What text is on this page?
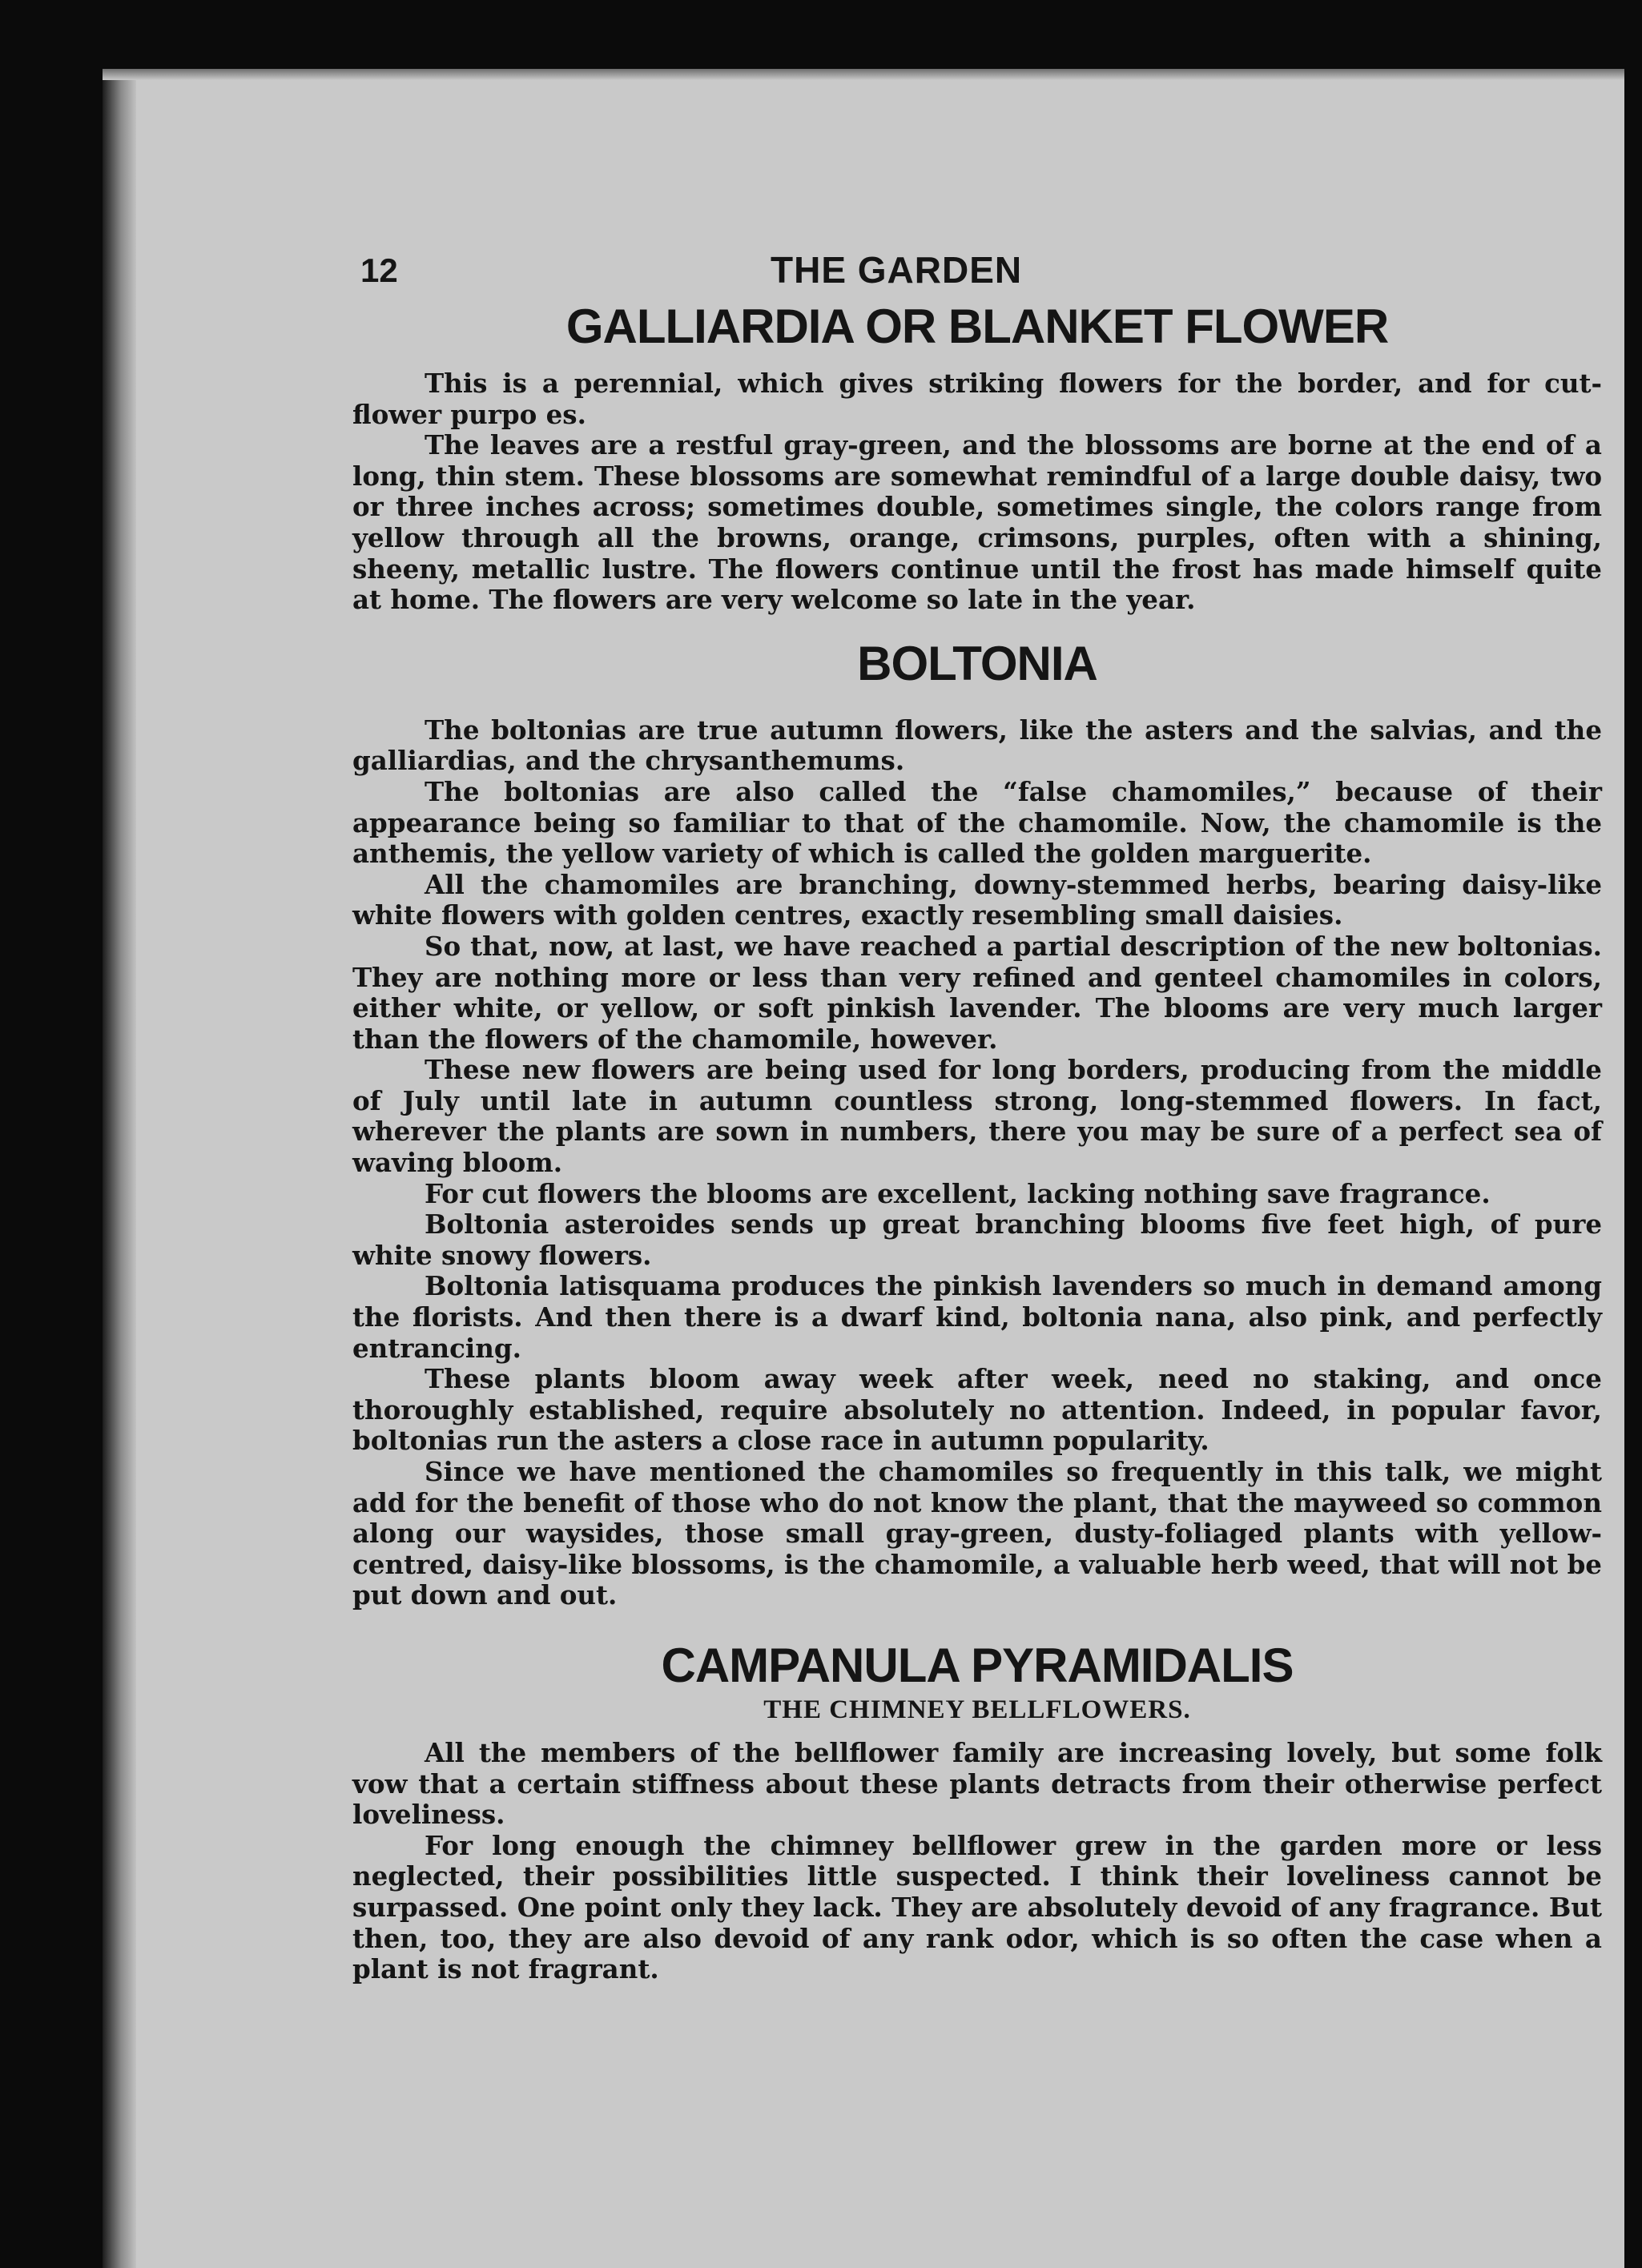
12	THE GARDEN
GALLIARDIA OR BLANKET FLOWER

This is a perennial, which gives striking flowers for the border, and for cut-flower purpo es.

The leaves are a restful gray-green, and the blossoms are borne at the end of a long, thin stem. These blossoms are somewhat remindful of a large double daisy, two or three inches across; sometimes double, sometimes single, the colors range from yellow through all the browns, orange, crimsons, purples, often with a shining, sheeny, metallic lustre. The flowers continue until the frost has made himself quite at home. The flowers are very welcome so late in the year.

BOLTONIA

The boltonias are true autumn flowers, like the asters and the salvias, and the galliardias, and the chrysanthemums.

The boltonias are also called the “false chamomiles,” because of their appearance being so familiar to that of the chamomile. Now, the chamomile is the anthemis, the yellow variety of which is called the golden marguerite.

All the chamomiles are branching, downy-stemmed herbs, bearing daisy-like white flowers with golden centres, exactly resembling small daisies.

So that, now, at last, we have reached a partial description of the new boltonias. They are nothing more or less than very refined and genteel chamomiles in colors, either white, or yellow, or soft pinkish lavender. The blooms are very much larger than the flowers of the chamomile, however.

These new flowers are being used for long borders, producing from the middle of July until late in autumn countless strong, long-stemmed flowers. In fact, wherever the plants are sown in numbers, there you may be sure of a perfect sea of waving bloom.

For cut flowers the blooms are excellent, lacking nothing save fragrance.

Boltonia asteroides sends up great branching blooms five feet high, of pure white snowy flowers.

Boltonia latisquama produces the pinkish lavenders so much in demand among the florists. And then there is a dwarf kind, boltonia nana, also pink, and perfectly entrancing.

These plants bloom away week after week, need no staking, and once thoroughly established, require absolutely no attention. Indeed, in popular favor, boltonias run the asters a close race in autumn popularity.

Since we have mentioned the chamomiles so frequently in this talk, we might add for the benefit of those who do not know the plant, that the mayweed so common along our waysides, those small gray-green, dusty-foliaged plants with yellow-centred, daisy-like blossoms, is the chamomile, a valuable herb weed, that will not be put down and out.

CAMPANULA PYRAMIDALIS
THE CHIMNEY BELLFLOWERS.

All the members of the bellflower family are increasing lovely, but some folk vow that a certain stiffness about these plants detracts from their otherwise perfect loveliness.

For long enough the chimney bellflower grew in the garden more or less neglected, their possibilities little suspected. I think their loveliness cannot be surpassed. One point only they lack. They are absolutely devoid of any fragrance. But then, too, they are also devoid of any rank odor, which is so often the case when a plant is not fragrant.
